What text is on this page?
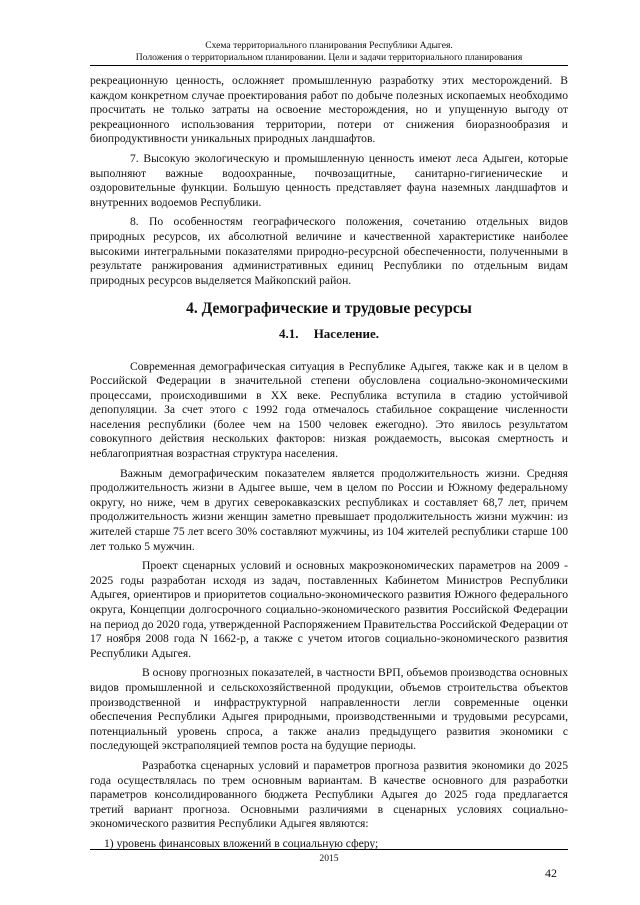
Схема территориального планирования Республики Адыгея.
Положения о территориальном планировании. Цели и задачи территориального планирования

рекреационную ценность, осложняет промышленную разработку этих месторождений. В каждом конкретном случае проектирования работ по добыче полезных ископаемых необходимо просчитать не только затраты на освоение месторождения, но и упущенную выгоду от рекреационного использования территории, потери от снижения биоразнообразия и биопродуктивности уникальных природных ландшафтов.

7. Высокую экологическую и промышленную ценность имеют леса Адыгеи, которые выполняют важные водоохранные, почвозащитные, санитарно-гигиенические и оздоровительные функции. Большую ценность представляет фауна наземных ландшафтов и внутренних водоемов Республики.

8. По особенностям географического положения, сочетанию отдельных видов природных ресурсов, их абсолютной величине и качественной характеристике наиболее высокими интегральными показателями природно-ресурсной обеспеченности, полученными в результате ранжирования административных единиц Республики по отдельным видам природных ресурсов выделяется Майкопский район.

4. Демографические и трудовые ресурсы
4.1. Население.

Современная демографическая ситуация в Республике Адыгея, также как и в целом в Российской Федерации в значительной степени обусловлена социально-экономическими процессами, происходившими в XX веке. Республика вступила в стадию устойчивой депопуляции. За счет этого с 1992 года отмечалось стабильное сокращение численности населения республики (более чем на 1500 человек ежегодно). Это явилось результатом совокупного действия нескольких факторов: низкая рождаемость, высокая смертность и неблагоприятная возрастная структура населения.

Важным демографическим показателем является продолжительность жизни. Средняя продолжительность жизни в Адыгее выше, чем в целом по России и Южному федеральному округу, но ниже, чем в других северокавказских республиках и составляет 68,7 лет, причем продолжительность жизни женщин заметно превышает продолжительность жизни мужчин: из жителей старше 75 лет всего 30% составляют мужчины, из 104 жителей республики старше 100 лет только 5 мужчин.

Проект сценарных условий и основных макроэкономических параметров на 2009 - 2025 годы разработан исходя из задач, поставленных Кабинетом Министров Республики Адыгея, ориентиров и приоритетов социально-экономического развития Южного федерального округа, Концепции долгосрочного социально-экономического развития Российской Федерации на период до 2020 года, утвержденной Распоряжением Правительства Российской Федерации от 17 ноября 2008 года N 1662-р, а также с учетом итогов социально-экономического развития Республики Адыгея.

В основу прогнозных показателей, в частности ВРП, объемов производства основных видов промышленной и сельскохозяйственной продукции, объемов строительства объектов производственной и инфраструктурной направленности легли современные оценки обеспечения Республики Адыгея природными, производственными и трудовыми ресурсами, потенциальный уровень спроса, а также анализ предыдущего развития экономики с последующей экстраполяцией темпов роста на будущие периоды.

Разработка сценарных условий и параметров прогноза развития экономики до 2025 года осуществлялась по трем основным вариантам. В качестве основного для разработки параметров консолидированного бюджета Республики Адыгея до 2025 года предлагается третий вариант прогноза. Основными различиями в сценарных условиях социально-экономического развития Республики Адыгея являются:

1) уровень финансовых вложений в социальную сферу;

2015
42
